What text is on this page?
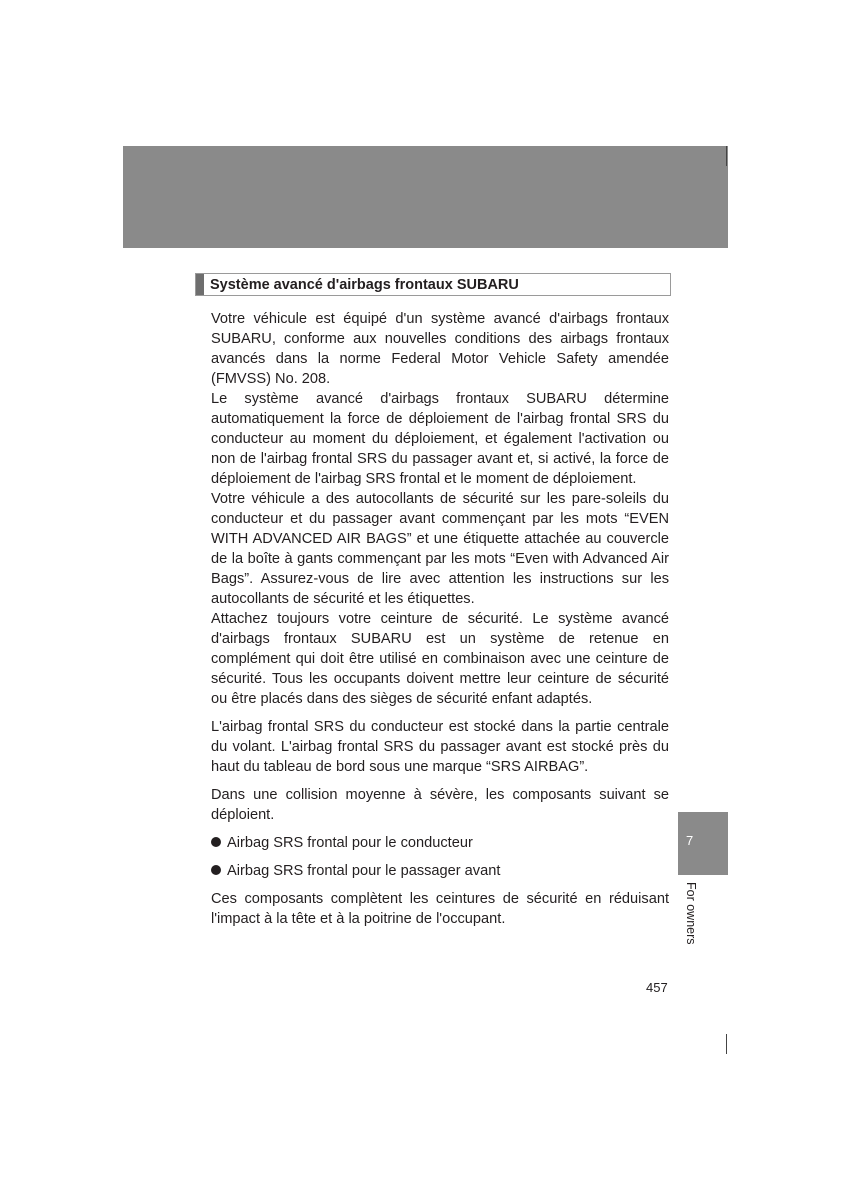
Système avancé d'airbags frontaux SUBARU

Votre véhicule est équipé d'un système avancé d'airbags frontaux SUBARU, conforme aux nouvelles conditions des airbags frontaux avancés dans la norme Federal Motor Vehicle Safety amendée (FMVSS) No. 208.

Le système avancé d'airbags frontaux SUBARU détermine automatiquement la force de déploiement de l'airbag frontal SRS du conducteur au moment du déploiement, et également l'activation ou non de l'airbag frontal SRS du passager avant et, si activé, la force de déploiement de l'airbag SRS frontal et le moment de déploiement.

Votre véhicule a des autocollants de sécurité sur les pare-soleils du conducteur et du passager avant commençant par les mots “EVEN WITH ADVANCED AIR BAGS” et une étiquette attachée au couvercle de la boîte à gants commençant par les mots “Even with Advanced Air Bags”. Assurez-vous de lire avec attention les instructions sur les autocollants de sécurité et les étiquettes.

Attachez toujours votre ceinture de sécurité. Le système avancé d'airbags frontaux SUBARU est un système de retenue en complément qui doit être utilisé en combinaison avec une ceinture de sécurité. Tous les occupants doivent mettre leur ceinture de sécurité ou être placés dans des sièges de sécurité enfant adaptés.

L'airbag frontal SRS du conducteur est stocké dans la partie centrale du volant. L'airbag frontal SRS du passager avant est stocké près du haut du tableau de bord sous une marque “SRS AIRBAG”.

Dans une collision moyenne à sévère, les composants suivant se déploient.

Airbag SRS frontal pour le conducteur
Airbag SRS frontal pour le passager avant

Ces composants complètent les ceintures de sécurité en réduisant l'impact à la tête et à la poitrine de l'occupant.

7
For owners
457
